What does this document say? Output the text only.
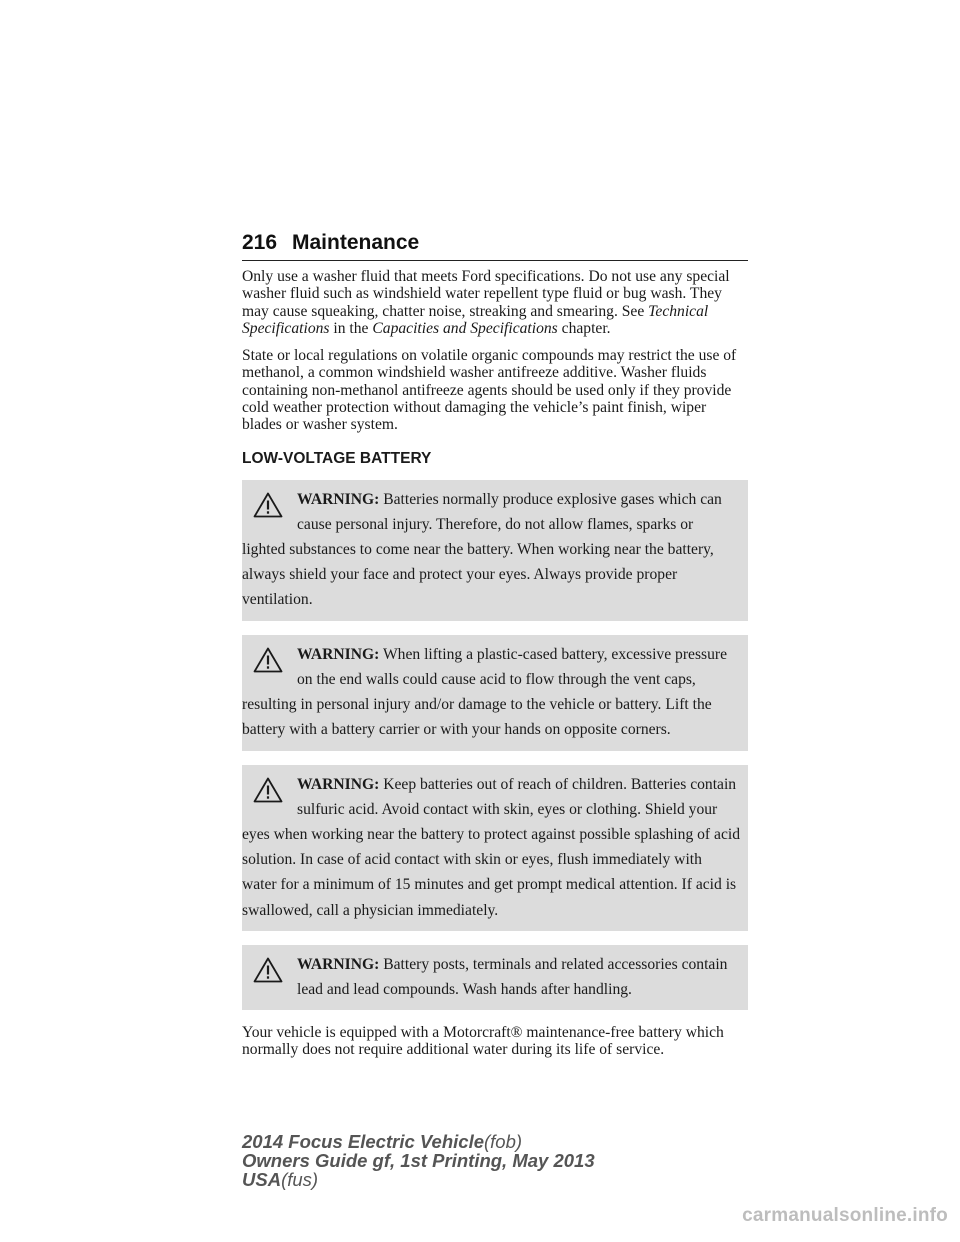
216 Maintenance

Only use a washer fluid that meets Ford specifications. Do not use any special washer fluid such as windshield water repellent type fluid or bug wash. They may cause squeaking, chatter noise, streaking and smearing. See Technical Specifications in the Capacities and Specifications chapter.

State or local regulations on volatile organic compounds may restrict the use of methanol, a common windshield washer antifreeze additive. Washer fluids containing non-methanol antifreeze agents should be used only if they provide cold weather protection without damaging the vehicle’s paint finish, wiper blades or washer system.

LOW-VOLTAGE BATTERY
WARNING: Batteries normally produce explosive gases which can cause personal injury. Therefore, do not allow flames, sparks or lighted substances to come near the battery. When working near the battery, always shield your face and protect your eyes. Always provide proper ventilation.
WARNING: When lifting a plastic-cased battery, excessive pressure on the end walls could cause acid to flow through the vent caps, resulting in personal injury and/or damage to the vehicle or battery. Lift the battery with a battery carrier or with your hands on opposite corners.
WARNING: Keep batteries out of reach of children. Batteries contain sulfuric acid. Avoid contact with skin, eyes or clothing. Shield your eyes when working near the battery to protect against possible splashing of acid solution. In case of acid contact with skin or eyes, flush immediately with water for a minimum of 15 minutes and get prompt medical attention. If acid is swallowed, call a physician immediately.
WARNING: Battery posts, terminals and related accessories contain lead and lead compounds. Wash hands after handling.

Your vehicle is equipped with a Motorcraft® maintenance-free battery which normally does not require additional water during its life of service.

2014 Focus Electric Vehicle(fob)
Owners Guide gf, 1st Printing, May 2013
USA(fus)
carmanualsonline.info
